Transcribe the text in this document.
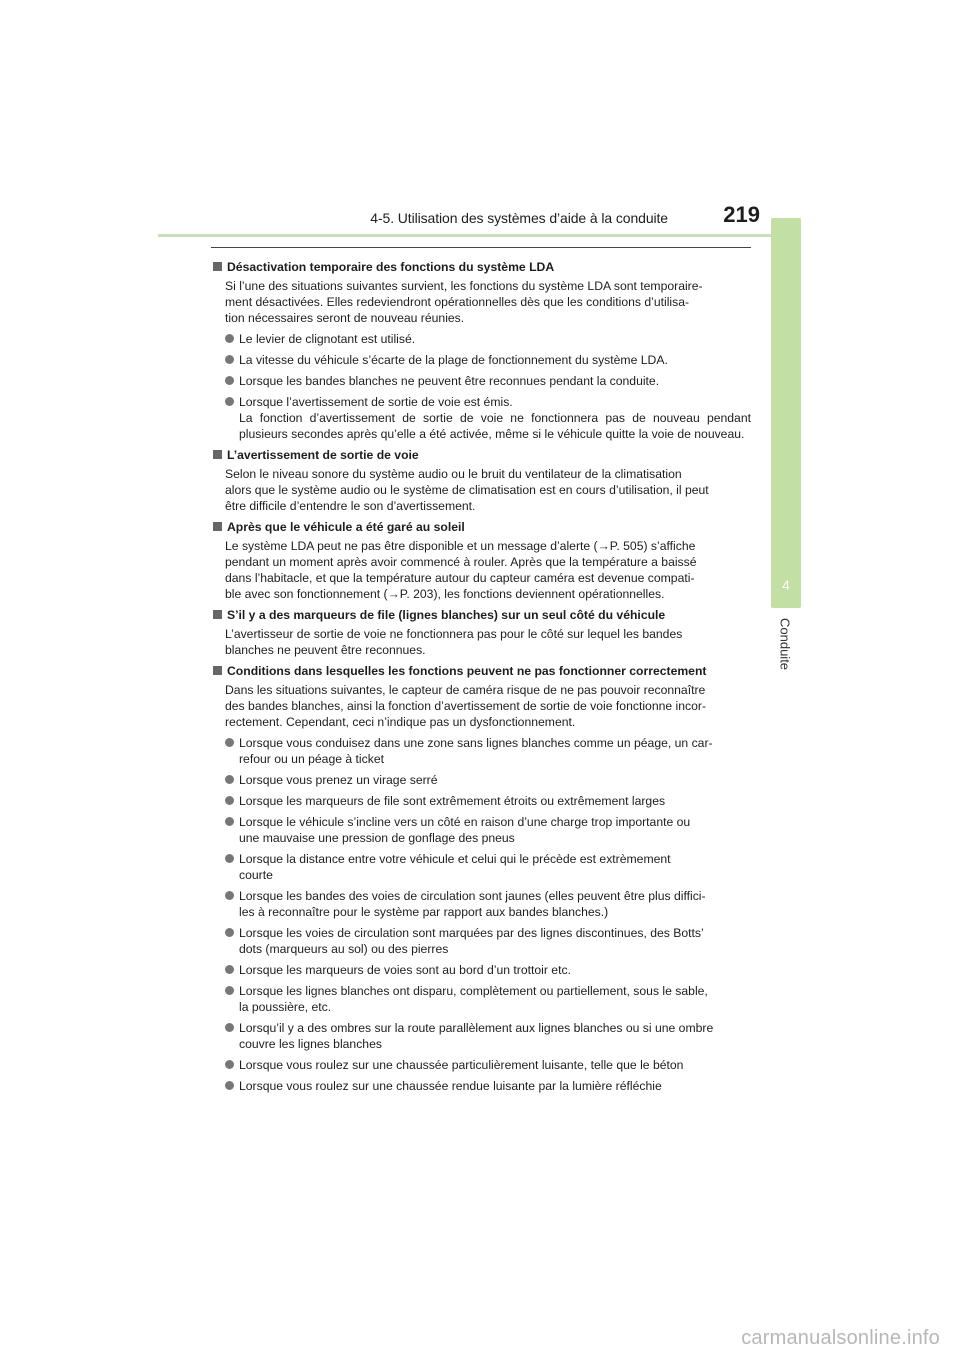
4-5. Utilisation des systèmes d’aide à la conduite	219
4
Conduite
Désactivation temporaire des fonctions du système LDA
Si l’une des situations suivantes survient, les fonctions du système LDA sont temporaire-
ment désactivées. Elles redeviendront opérationnelles dès que les conditions d’utilisa-
tion nécessaires seront de nouveau réunies.
Le levier de clignotant est utilisé.
La vitesse du véhicule s’écarte de la plage de fonctionnement du système LDA.
Lorsque les bandes blanches ne peuvent être reconnues pendant la conduite.
Lorsque l’avertissement de sortie de voie est émis.
La fonction d’avertissement de sortie de voie ne fonctionnera pas de nouveau pendant plusieurs secondes après qu’elle a été activée, même si le véhicule quitte la voie de nouveau.
L’avertissement de sortie de voie
Selon le niveau sonore du système audio ou le bruit du ventilateur de la climatisation
alors que le système audio ou le système de climatisation est en cours d’utilisation, il peut
être difficile d’entendre le son d’avertissement.
Après que le véhicule a été garé au soleil
Le système LDA peut ne pas être disponible et un message d’alerte (→P. 505) s’affiche
pendant un moment après avoir commencé à rouler. Après que la température a baissé
dans l’habitacle, et que la température autour du capteur caméra est devenue compati-
ble avec son fonctionnement (→P. 203), les fonctions deviennent opérationnelles.
S’il y a des marqueurs de file (lignes blanches) sur un seul côté du véhicule
L’avertisseur de sortie de voie ne fonctionnera pas pour le côté sur lequel les bandes
blanches ne peuvent être reconnues.
Conditions dans lesquelles les fonctions peuvent ne pas fonctionner correctement
Dans les situations suivantes, le capteur de caméra risque de ne pas pouvoir reconnaître
des bandes blanches, ainsi la fonction d’avertissement de sortie de voie fonctionne incor-
rectement. Cependant, ceci n’indique pas un dysfonctionnement.
Lorsque vous conduisez dans une zone sans lignes blanches comme un péage, un car-
refour ou un péage à ticket
Lorsque vous prenez un virage serré
Lorsque les marqueurs de file sont extrêmement étroits ou extrêmement larges
Lorsque le véhicule s’incline vers un côté en raison d’une charge trop importante ou
une mauvaise une pression de gonflage des pneus
Lorsque la distance entre votre véhicule et celui qui le précède est extrèmement
courte
Lorsque les bandes des voies de circulation sont jaunes (elles peuvent être plus diffici-
les à reconnaître pour le système par rapport aux bandes blanches.)
Lorsque les voies de circulation sont marquées par des lignes discontinues, des Botts’
dots (marqueurs au sol) ou des pierres
Lorsque les marqueurs de voies sont au bord d’un trottoir etc.
Lorsque les lignes blanches ont disparu, complètement ou partiellement, sous le sable,
la poussière, etc.
Lorsqu’il y a des ombres sur la route parallèlement aux lignes blanches ou si une ombre
couvre les lignes blanches
Lorsque vous roulez sur une chaussée particulièrement luisante, telle que le béton
Lorsque vous roulez sur une chaussée rendue luisante par la lumière réfléchie
carmanualsonline.info
